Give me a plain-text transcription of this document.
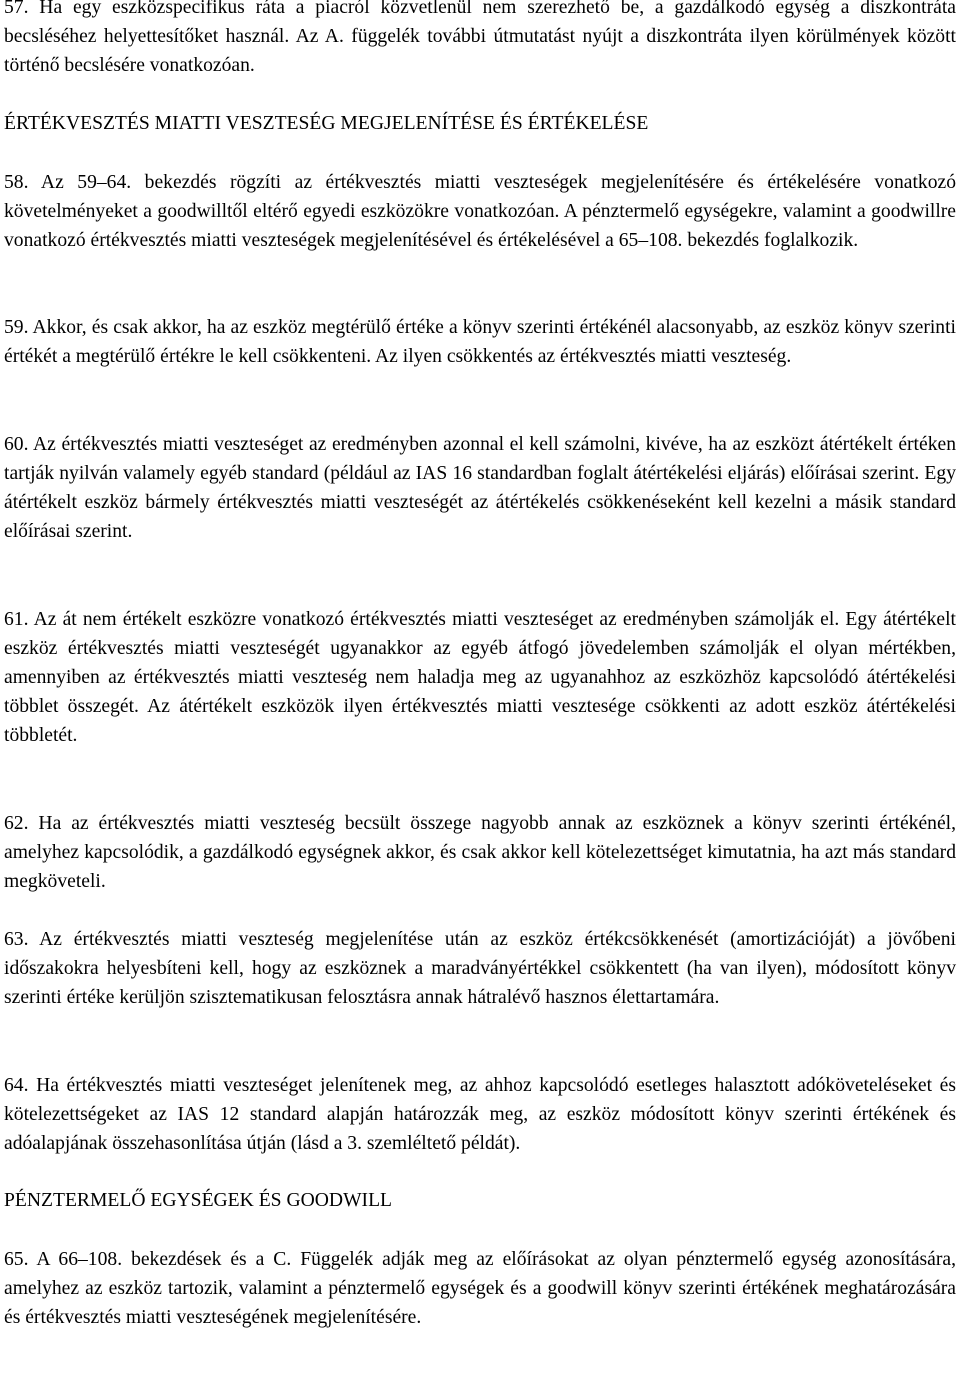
57. Ha egy eszközspecifikus ráta a piacról közvetlenül nem szerezhető be, a gazdálkodó egység a diszkontráta becsléséhez helyettesítőket használ. Az A. függelék további útmutatást nyújt a diszkontráta ilyen körülmények között történő becslésére vonatkozóan.

ÉRTÉKVESZTÉS MIATTI VESZTESÉG MEGJELENÍTÉSE ÉS ÉRTÉKELÉSE

58. Az 59–64. bekezdés rögzíti az értékvesztés miatti veszteségek megjelenítésére és értékelésére vonatkozó követelményeket a goodwilltől eltérő egyedi eszközökre vonatkozóan. A pénztermelő egységekre, valamint a goodwillre vonatkozó értékvesztés miatti veszteségek megjelenítésével és értékelésével a 65–108. bekezdés foglalkozik.

59. Akkor, és csak akkor, ha az eszköz megtérülő értéke a könyv szerinti értékénél alacsonyabb, az eszköz könyv szerinti értékét a megtérülő értékre le kell csökkenteni. Az ilyen csökkentés az értékvesztés miatti veszteség.

60. Az értékvesztés miatti veszteséget az eredményben azonnal el kell számolni, kivéve, ha az eszközt átértékelt értéken tartják nyilván valamely egyéb standard (például az IAS 16 standardban foglalt átértékelési eljárás) előírásai szerint. Egy átértékelt eszköz bármely értékvesztés miatti veszteségét az átértékelés csökkenéseként kell kezelni a másik standard előírásai szerint.

61. Az át nem értékelt eszközre vonatkozó értékvesztés miatti veszteséget az eredményben számolják el. Egy átértékelt eszköz értékvesztés miatti veszteségét ugyanakkor az egyéb átfogó jövedelemben számolják el olyan mértékben, amennyiben az értékvesztés miatti veszteség nem haladja meg az ugyanahhoz az eszközhöz kapcsolódó átértékelési többlet összegét. Az átértékelt eszközök ilyen értékvesztés miatti vesztesége csökkenti az adott eszköz átértékelési többletét.

62. Ha az értékvesztés miatti veszteség becsült összege nagyobb annak az eszköznek a könyv szerinti értékénél, amelyhez kapcsolódik, a gazdálkodó egységnek akkor, és csak akkor kell kötelezettséget kimutatnia, ha azt más standard megköveteli.

63. Az értékvesztés miatti veszteség megjelenítése után az eszköz értékcsökkenését (amortizációját) a jövőbeni időszakokra helyesbíteni kell, hogy az eszköznek a maradványértékkel csökkentett (ha van ilyen), módosított könyv szerinti értéke kerüljön szisztematikusan felosztásra annak hátralévő hasznos élettartamára.

64. Ha értékvesztés miatti veszteséget jelenítenek meg, az ahhoz kapcsolódó esetleges halasztott adóköveteléseket és kötelezettségeket az IAS 12 standard alapján határozzák meg, az eszköz módosított könyv szerinti értékének és adóalapjának összehasonlítása útján (lásd a 3. szemléltető példát).

PÉNZTERMELŐ EGYSÉGEK ÉS GOODWILL

65. A 66–108. bekezdések és a C. Függelék adják meg az előírásokat az olyan pénztermelő egység azonosítására, amelyhez az eszköz tartozik, valamint a pénztermelő egységek és a goodwill könyv szerinti értékének meghatározására és értékvesztés miatti veszteségének megjelenítésére.
